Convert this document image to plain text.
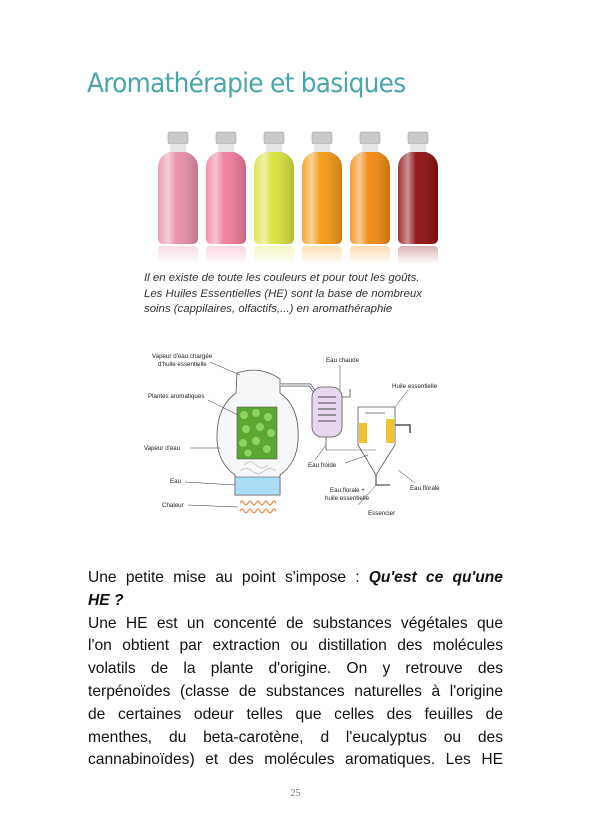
Aromathérapie et basiques
Il en existe de toute les couleurs et pour tout les goûts.
Les Huiles Essentielles (HE) sont la base de nombreux
soins (cappilaires, olfactifs,...) en aromathéraphie
Vapeur d'eau chargée
d'huile essentielle
Plantes aromatiques
Vapeur d'eau
Eau
Chaleur
Eau chaude
Huile essentielle
Eau froide
Eau florale
Eau florale +
huile essentielle
Essencier
Une petite mise au point s'impose : Qu'est ce qu'une
HE ?
Une HE est un concenté de substances végétales que
l'on obtient par extraction ou distillation des molécules
volatils de la plante d'origine. On y retrouve des
terpénoïdes (classe de substances naturelles à l'origine
de certaines odeur telles que celles des feuilles de
menthes, du beta-carotène, d l'eucalyptus ou des
cannabinoïdes) et des molécules aromatiques. Les HE
25
